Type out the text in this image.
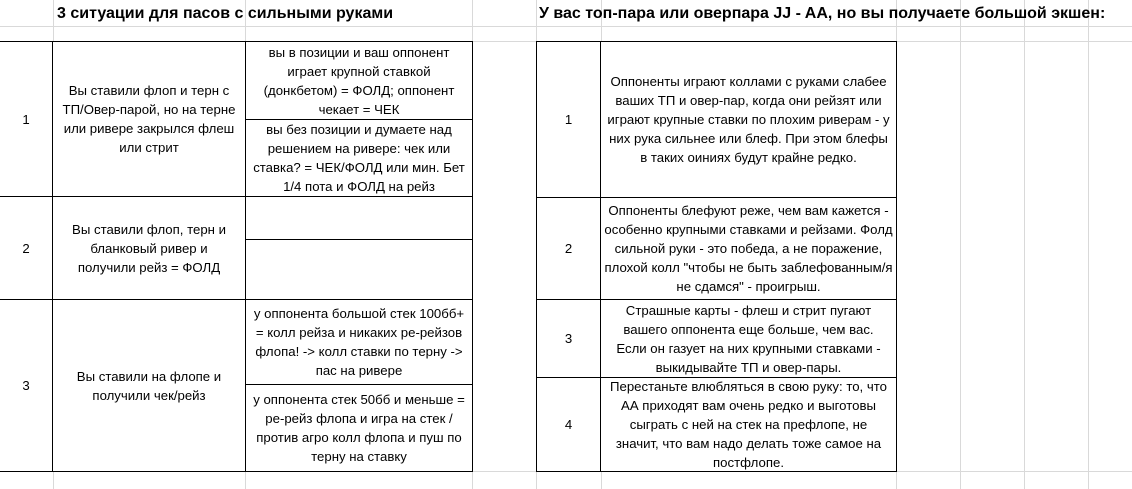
3 ситуации для пасов с сильными руками	У вас топ-пара или оверпара JJ - AA, но вы получаете большой экшен:
1
Вы ставили флоп и терн с ТП/Овер-парой, но на терне или ривере закрылся флеш или стрит
вы в позиции и ваш оппонент играет крупной ставкой (донкбетом) = ФОЛД; оппонент чекает = ЧЕК
вы без позиции и думаете над решением на ривере: чек или ставка? = ЧЕК/ФОЛД или мин. Бет 1/4 пота и ФОЛД на рейз
2
Вы ставили флоп, терн и бланковый ривер и получили рейз = ФОЛД
3
Вы ставили на флопе и получили чек/рейз
у оппонента большой стек 100бб+ = колл рейза и никаких ре-рейзов флопа! -> колл ставки по терну -> пас на ривере
у оппонента стек 50бб и меньше = ре-рейз флопа и игра на стек / против агро колл флопа и пуш по терну на ставку
1
Оппоненты играют коллами с руками слабее ваших ТП и овер-пар, когда они рейзят или играют крупные ставки по плохим риверам - у них рука сильнее или блеф. При этом блефы в таких оиниях будут крайне редко.
2
Оппоненты блефуют реже, чем вам кажется - особенно крупными ставками и рейзами. Фолд сильной руки - это победа, а не поражение, плохой колл "чтобы не быть заблефованным/я не сдамся" - проигрыш.
3
Страшные карты - флеш и стрит пугают вашего оппонента еще больше, чем вас. Если он газует на них крупными ставками - выкидывайте ТП и овер-пары.
4
Перестаньте влюбляться в свою руку: то, что АА приходят вам очень редко и выготовы сыграть с ней на стек на префлопе, не значит, что вам надо делать тоже самое на постфлопе.
